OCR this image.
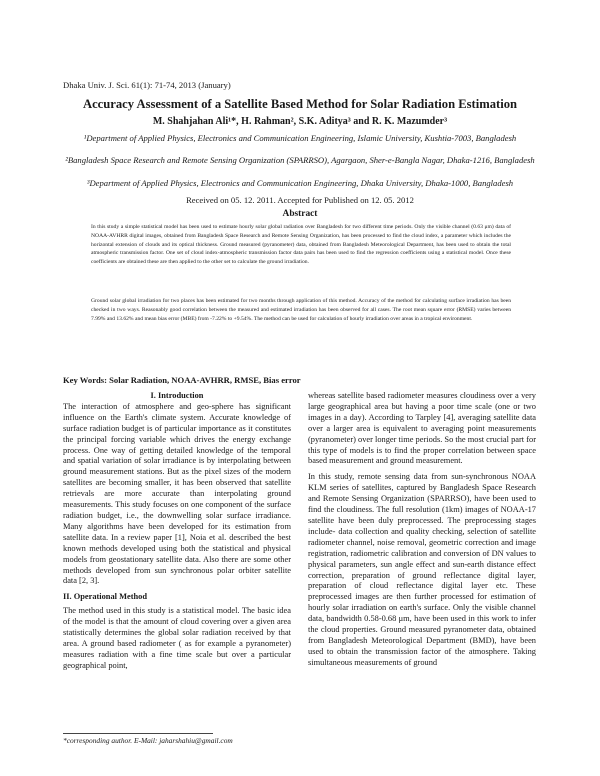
Dhaka Univ. J. Sci. 61(1): 71-74, 2013 (January)
Accuracy Assessment of a Satellite Based Method for Solar Radiation Estimation
M. Shahjahan Ali¹*, H. Rahman², S.K. Aditya³ and R. K. Mazumder³
¹Department of Applied Physics, Electronics and Communication Engineering, Islamic University, Kushtia-7003, Bangladesh
²Bangladesh Space Research and Remote Sensing Organization (SPARRSO), Agargaon, Sher-e-Bangla Nagar, Dhaka-1216, Bangladesh
³Department of Applied Physics, Electronics and Communication Engineering, Dhaka University, Dhaka-1000, Bangladesh
Received on 05. 12. 2011. Accepted for Published on 12. 05. 2012
Abstract

In this study a simple statistical model has been used to estimate hourly solar global radiation over Bangladesh for two different time periods. Only the visible channel (0.63 μm) data of NOAA-AVHRR digital images, obtained from Bangladesh Space Research and Remote Sensing Organization, has been processed to find the cloud index, a parameter which includes the horizontal extension of clouds and its optical thickness. Ground measured (pyranometer) data, obtained from Bangladesh Meteorological Department, has been used to obtain the total atmospheric transmission factor. One set of cloud index-atmospheric transmission factor data pairs has been used to find the regression coefficients using a statistical model. Once these coefficients are obtained these are then applied to the other set to calculate the ground irradiation.

Ground solar global irradiation for two places has been estimated for two months through application of this method. Accuracy of the method for calculating surface irradiation has been checked in two ways. Reasonably good correlation between the measured and estimated irradiation has been observed for all cases. The root mean square error (RMSE) varies between 7.99% and 13.62% and mean bias error (MBE) from -7.22% to +9.54%. The method can be used for calculation of hourly irradiation over areas in a tropical environment.

Key Words: Solar Radiation, NOAA-AVHRR, RMSE, Bias error

I. Introduction

The interaction of atmosphere and geo-sphere has significant influence on the Earth's climate system. Accurate knowledge of surface radiation budget is of particular importance as it constitutes the principal forcing variable which drives the energy exchange process. One way of getting detailed knowledge of the temporal and spatial variation of solar irradiance is by interpolating between ground measurement stations. But as the pixel sizes of the modern satellites are becoming smaller, it has been observed that satellite retrievals are more accurate than interpolating ground measurements. This study focuses on one component of the surface radiation budget, i.e., the downwelling solar surface irradiance. Many algorithms have been developed for its estimation from satellite data. In a review paper [1], Noia et al. described the best known methods developed using both the statistical and physical models from geostationary satellite data. Also there are some other methods developed from sun synchronous polar orbiter satellite data [2, 3].

II. Operational Method

The method used in this study is a statistical model. The basic idea of the model is that the amount of cloud covering over a given area statistically determines the global solar radiation received by that area. A ground based radiometer ( as for example a pyranometer) measures radiation with a fine time scale but over a particular geographical point,

whereas satellite based radiometer measures cloudiness over a very large geographical area but having a poor time scale (one or two images in a day). According to Tarpley [4], averaging satellite data over a larger area is equivalent to averaging point measurements (pyranometer) over longer time periods. So the most crucial part for this type of models is to find the proper correlation between space based measurement and ground measurement.

In this study, remote sensing data from sun-synchronous NOAA KLM series of satellites, captured by Bangladesh Space Research and Remote Sensing Organization (SPARRSO), have been used to find the cloudiness. The full resolution (1km) images of NOAA-17 satellite have been duly preprocessed. The preprocessing stages include- data collection and quality checking, selection of satellite radiometer channel, noise removal, geometric correction and image registration, radiometric calibration and conversion of DN values to physical parameters, sun angle effect and sun-earth distance effect correction, preparation of ground reflectance digital layer, preparation of cloud reflectance digital layer etc. These preprocessed images are then further processed for estimation of hourly solar irradiation on earth's surface. Only the visible channel data, bandwidth 0.58-0.68 μm, have been used in this work to infer the cloud properties. Ground measured pyranometer data, obtained from Bangladesh Meteorological Department (BMD), have been used to obtain the transmission factor of the atmosphere. Taking simultaneous measurements of ground

*corresponding author. E-Mail: jaharshahiu@gmail.com
